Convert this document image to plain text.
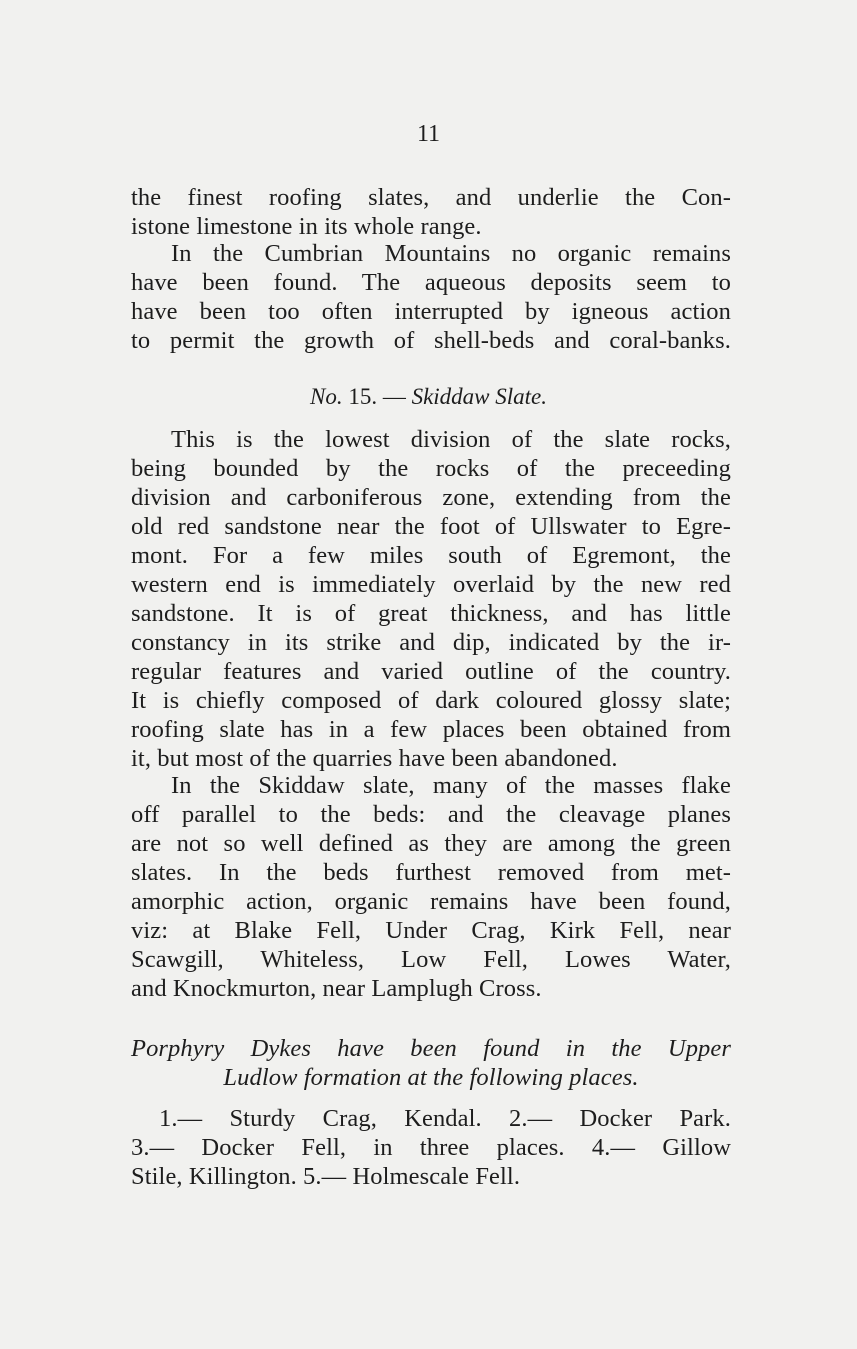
11
the finest roofing slates, and underlie the Con-
istone limestone in its whole range.
In the Cumbrian Mountains no organic remains
have been found. The aqueous deposits seem to
have been too often interrupted by igneous action
to permit the growth of shell-beds and coral-banks.
No. 15. — Skiddaw Slate.
This is the lowest division of the slate rocks,
being bounded by the rocks of the preceeding
division and carboniferous zone, extending from the
old red sandstone near the foot of Ullswater to Egre-
mont. For a few miles south of Egremont, the
western end is immediately overlaid by the new red
sandstone. It is of great thickness, and has little
constancy in its strike and dip, indicated by the ir-
regular features and varied outline of the country.
It is chiefly composed of dark coloured glossy slate;
roofing slate has in a few places been obtained from
it, but most of the quarries have been abandoned.
In the Skiddaw slate, many of the masses flake
off parallel to the beds: and the cleavage planes
are not so well defined as they are among the green
slates. In the beds furthest removed from met-
amorphic action, organic remains have been found,
viz: at Blake Fell, Under Crag, Kirk Fell, near
Scawgill, Whiteless, Low Fell, Lowes Water,
and Knockmurton, near Lamplugh Cross.
Porphyry Dykes have been found in the Upper
Ludlow formation at the following places.
1.— Sturdy Crag, Kendal. 2.— Docker Park.
3.— Docker Fell, in three places. 4.— Gillow
Stile, Killington. 5.— Holmescale Fell.
